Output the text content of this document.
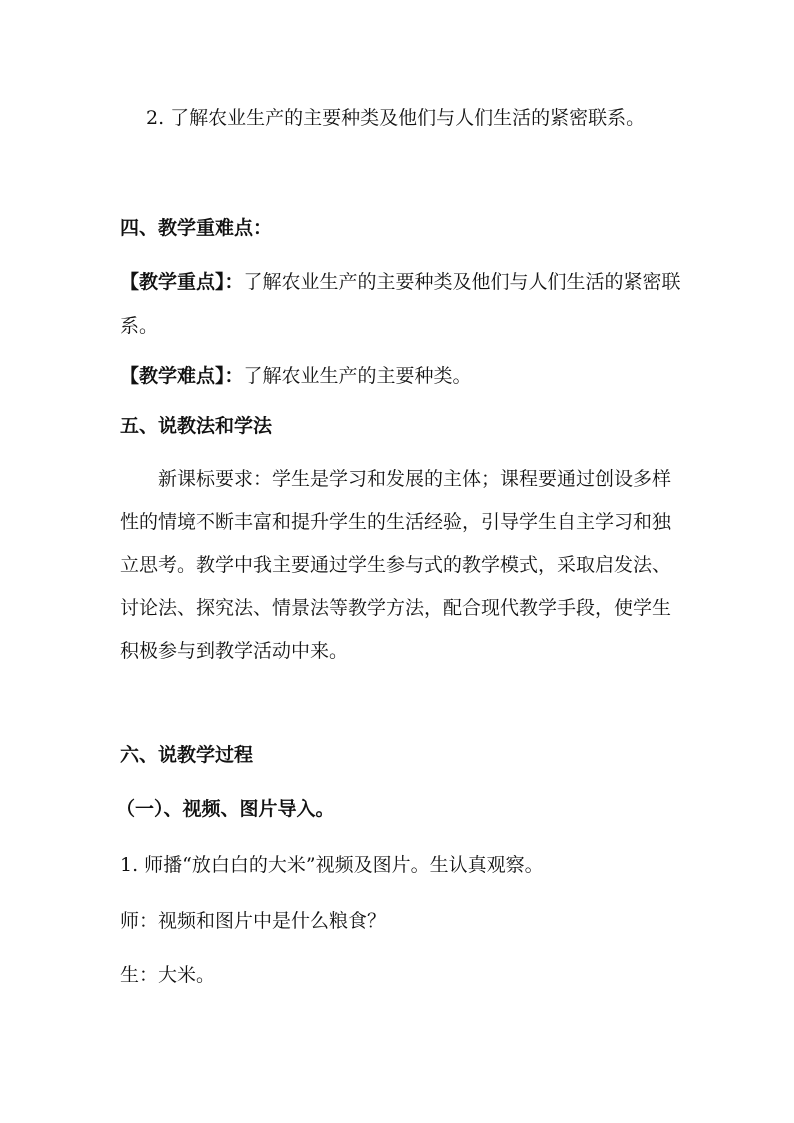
2. 了解农业生产的主要种类及他们与人们生活的紧密联系。
四、教学重难点：
【教学重点】：了解农业生产的主要种类及他们与人们生活的紧密联
系。
【教学难点】：了解农业生产的主要种类。
五、说教法和学法
新课标要求：学生是学习和发展的主体；课程要通过创设多样性的情境不断丰富和提升学生的生活经验，引导学生自主学习和独立思考。教学中我主要通过学生参与式的教学模式，采取启发法、讨论法、探究法、情景法等教学方法，配合现代教学手段，使学生积极参与到教学活动中来。
六、说教学过程
（一）、视频、图片导入。
1. 师播“放白白的大米”视频及图片。生认真观察。
师：视频和图片中是什么粮食？
生：大米。
